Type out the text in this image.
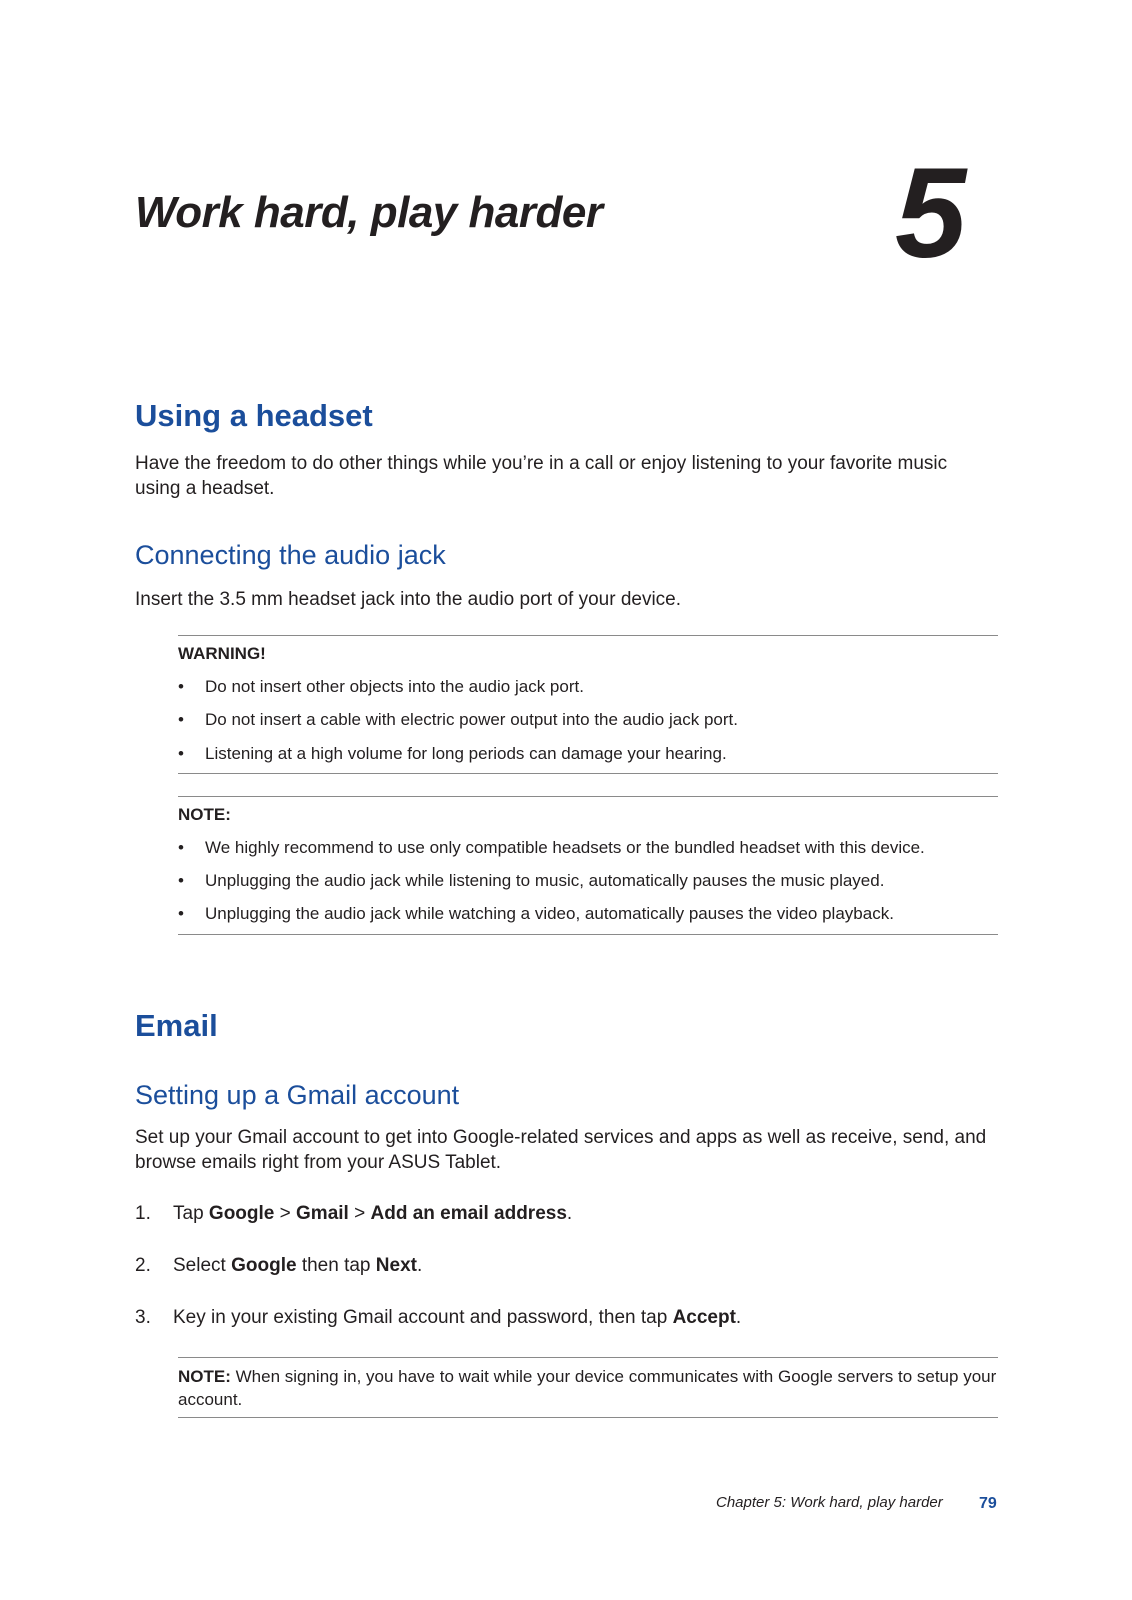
Work hard, play harder 5
Using a headset
Have the freedom to do other things while you’re in a call or enjoy listening to your favorite music using a headset.
Connecting the audio jack
Insert the 3.5 mm headset jack into the audio port of your device.
WARNING!
• Do not insert other objects into the audio jack port.
• Do not insert a cable with electric power output into the audio jack port.
• Listening at a high volume for long periods can damage your hearing.
NOTE:
• We highly recommend to use only compatible headsets or the bundled headset with this device.
• Unplugging the audio jack while listening to music, automatically pauses the music played.
• Unplugging the audio jack while watching a video, automatically pauses the video playback.
Email
Setting up a Gmail account
Set up your Gmail account to get into Google-related services and apps as well as receive, send, and browse emails right from your ASUS Tablet.
1. Tap Google > Gmail > Add an email address.
2. Select Google then tap Next.
3. Key in your existing Gmail account and password, then tap Accept.
NOTE: When signing in, you have to wait while your device communicates with Google servers to setup your account.
Chapter 5: Work hard, play harder 79
